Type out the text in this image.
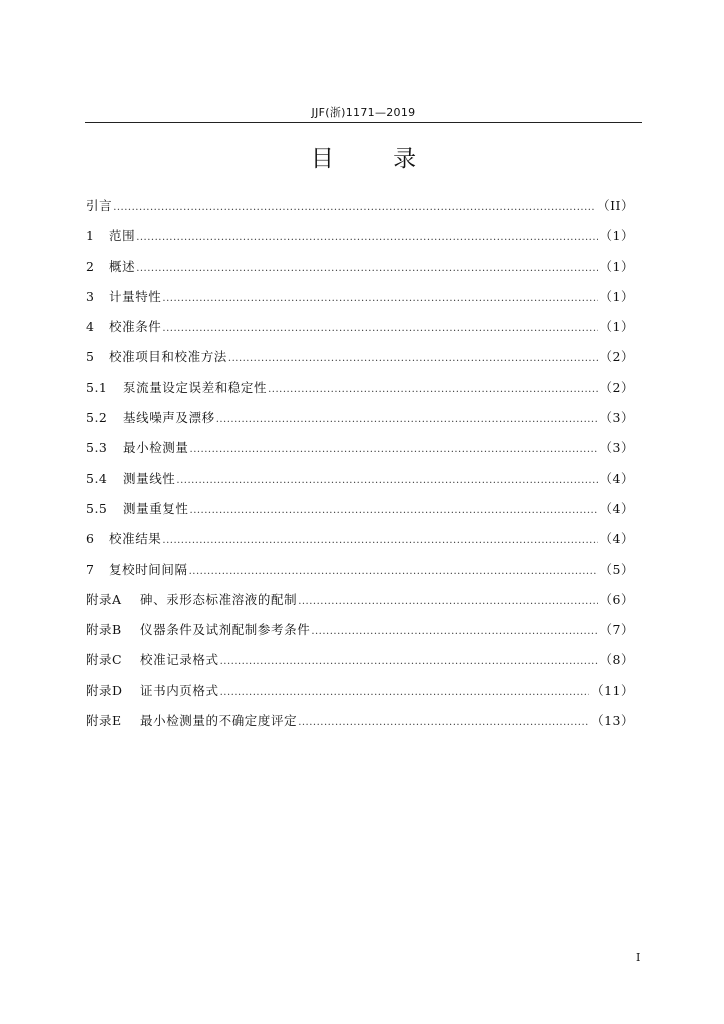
JJF(浙)1171—2019
目 录
引言 .....	（II）
1	范围 .....	（1）
2	概述 .....	（1）
3	计量特性 .....	（1）
4	校准条件 .....	（1）
5	校准项目和校准方法 .....	（2）
5.1	泵流量设定误差和稳定性 .....	（2）
5.2	基线噪声及漂移 .....	（3）
5.3	最小检测量 .....	（3）
5.4	测量线性 .....	（4）
5.5	测量重复性 .....	（4）
6	校准结果 .....	（4）
7	复校时间间隔 .....	（5）
附录A	砷、汞形态标准溶液的配制 .....	（6）
附录B	仪器条件及试剂配制参考条件 .....	（7）
附录C	校准记录格式 .....	（8）
附录D	证书内页格式 .....	（11）
附录E	最小检测量的不确定度评定 .....	（13）
I
